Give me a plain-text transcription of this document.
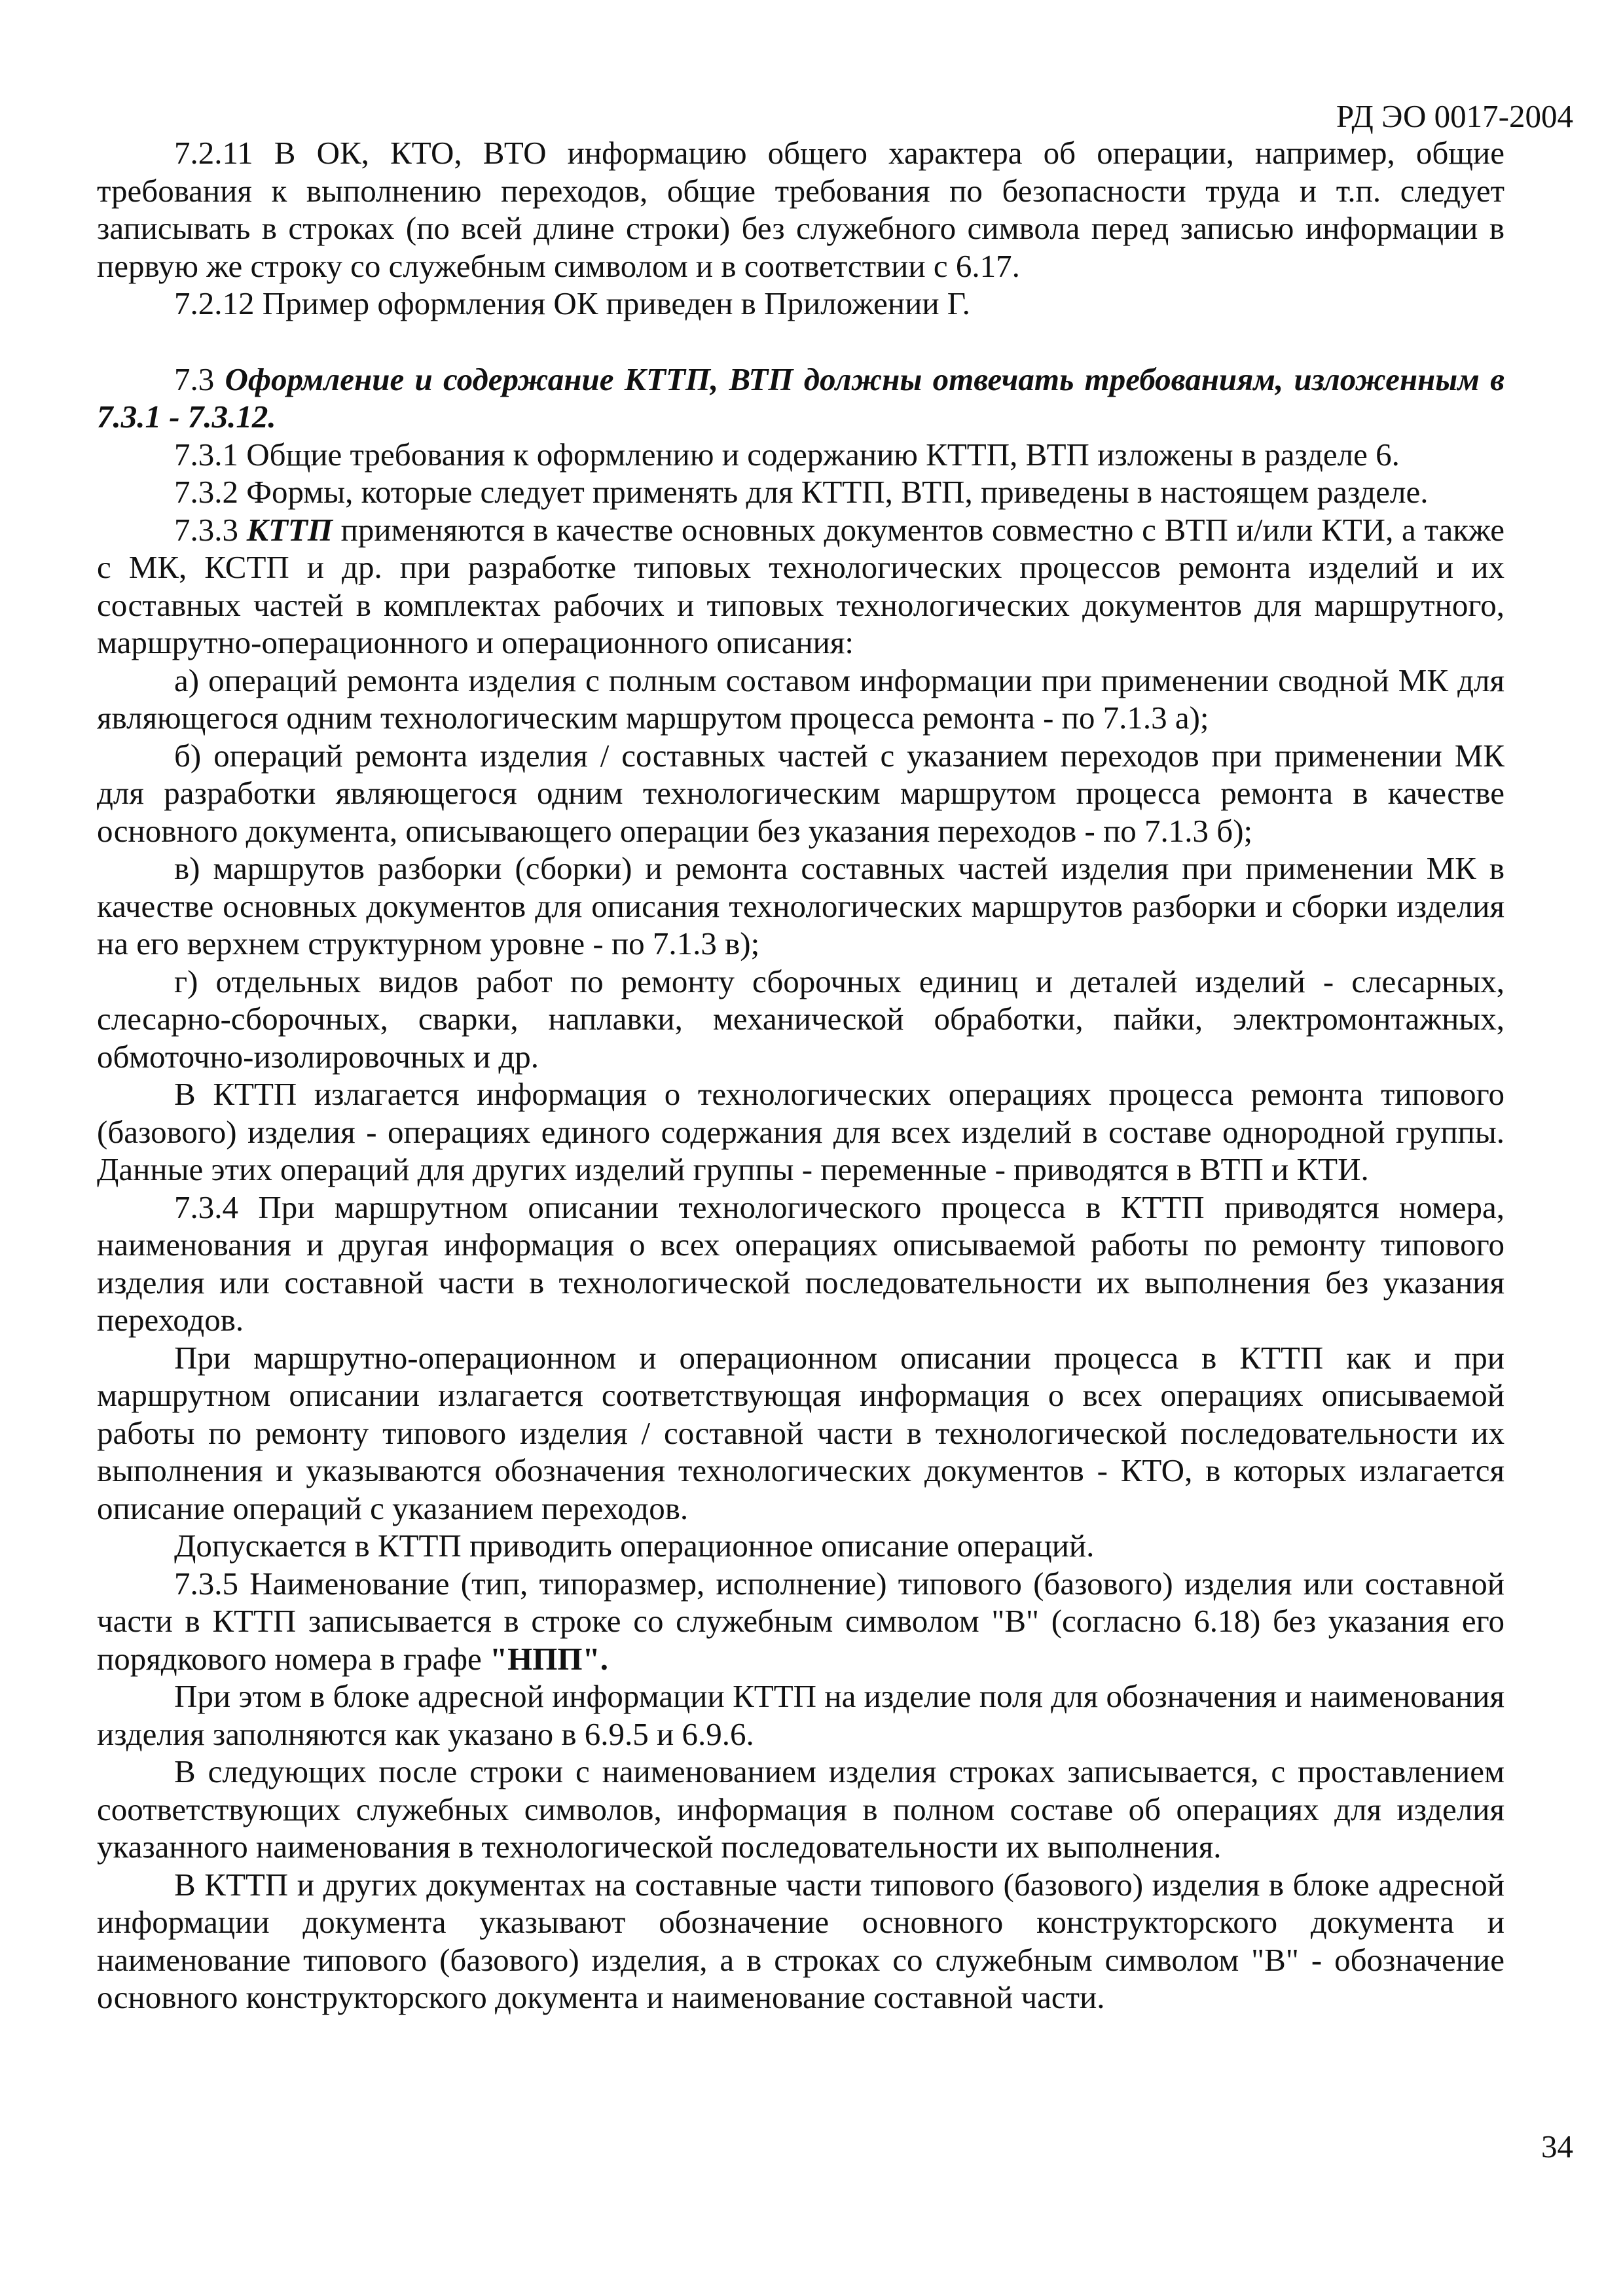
РД ЭО 0017-2004

7.2.11 В ОК, КТО, ВТО информацию общего характера об операции, например, общие требования к выполнению переходов, общие требования по безопасности труда и т.п. следует записывать в строках (по всей длине строки) без служебного символа перед записью информации в первую же строку со служебным символом и в соответствии с 6.17.

7.2.12 Пример оформления ОК приведен в Приложении Г.

7.3 Оформление и содержание КТТП, ВТП должны отвечать требованиям, изложенным в 7.3.1 - 7.3.12.

7.3.1 Общие требования к оформлению и содержанию КТТП, ВТП изложены в разделе 6.

7.3.2 Формы, которые следует применять для КТТП, ВТП, приведены в настоящем разделе.

7.3.3 КТТП применяются в качестве основных документов совместно с ВТП и/или КТИ, а также с МК, КСТП и др. при разработке типовых технологических процессов ремонта изделий и их составных частей в комплектах рабочих и типовых технологических документов для маршрутного, маршрутно-операционного и операционного описания:

а) операций ремонта изделия с полным составом информации при применении сводной МК для являющегося одним технологическим маршрутом процесса ремонта - по 7.1.3 а);

б) операций ремонта изделия / составных частей с указанием переходов при применении МК для разработки являющегося одним технологическим маршрутом процесса ремонта в качестве основного документа, описывающего операции без указания переходов - по 7.1.3 б);

в) маршрутов разборки (сборки) и ремонта составных частей изделия при применении МК в качестве основных документов для описания технологических маршрутов разборки и сборки изделия на его верхнем структурном уровне - по 7.1.3 в);

г) отдельных видов работ по ремонту сборочных единиц и деталей изделий - слесарных, слесарно-сборочных, сварки, наплавки, механической обработки, пайки, электромонтажных, обмоточно-изолировочных и др.

В КТТП излагается информация о технологических операциях процесса ремонта типового (базового) изделия - операциях единого содержания для всех изделий в составе однородной группы. Данные этих операций для других изделий группы - переменные - приводятся в ВТП и КТИ.

7.3.4 При маршрутном описании технологического процесса в КТТП приводятся номера, наименования и другая информация о всех операциях описываемой работы по ремонту типового изделия или составной части в технологической последовательности их выполнения без указания переходов.

При маршрутно-операционном и операционном описании процесса в КТТП как и при маршрутном описании излагается соответствующая информация о всех операциях описываемой работы по ремонту типового изделия / составной части в технологической последовательности их выполнения и указываются обозначения технологических документов - КТО, в которых излагается описание операций с указанием переходов.

Допускается в КТТП приводить операционное описание операций.

7.3.5 Наименование (тип, типоразмер, исполнение) типового (базового) изделия или составной части в КТТП записывается в строке со служебным символом "В" (согласно 6.18) без указания его порядкового номера в графе "НПП".

При этом в блоке адресной информации КТТП на изделие поля для обозначения и наименования изделия заполняются как указано в 6.9.5 и 6.9.6.

В следующих после строки с наименованием изделия строках записывается, с проставлением соответствующих служебных символов, информация в полном составе об операциях для изделия указанного наименования в технологической последовательности их выполнения.

В КТТП и других документах на составные части типового (базового) изделия в блоке адресной информации документа указывают обозначение основного конструкторского документа и наименование типового (базового) изделия, а в строках со служебным символом "В" - обозначение основного конструкторского документа и наименование составной части.

34
